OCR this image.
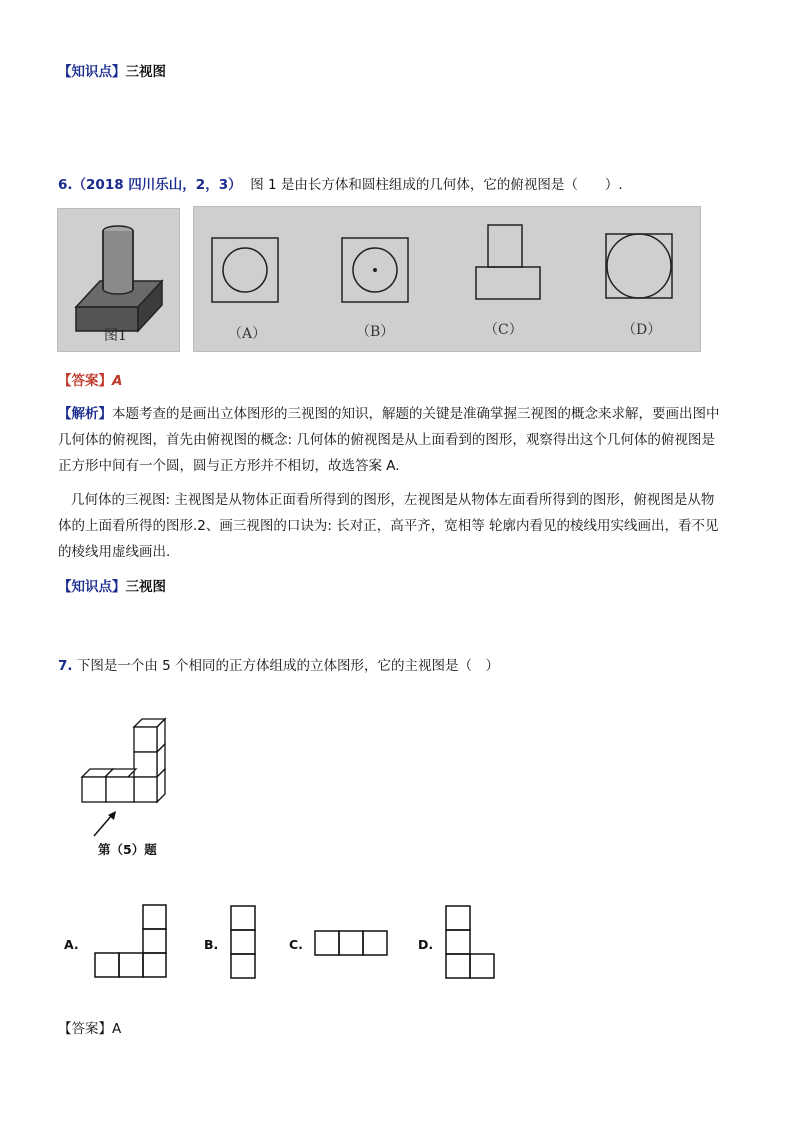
【知识点】三视图
6.（2018 四川乐山，2，3） 图 1 是由长方体和圆柱组成的几何体，它的俯视图是（　　）.
图1	（A）	（B）	（C）	（D）
【答案】A
【解析】本题考查的是画出立体图形的三视图的知识，解题的关键是准确掌握三视图的概念来求解，要画出图中
几何体的俯视图，首先由俯视图的概念: 几何体的俯视图是从上面看到的图形，观察得出这个几何体的俯视图是
正方形中间有一个圆，圆与正方形并不相切，故选答案 A.
几何体的三视图: 主视图是从物体正面看所得到的图形，左视图是从物体左面看所得到的图形，俯视图是从物
体的上面看所得的图形.2、画三视图的口诀为: 长对正，高平齐，宽相等 轮廓内看见的棱线用实线画出，看不见
的棱线用虚线画出.
【知识点】三视图
7. 下图是一个由 5 个相同的正方体组成的立体图形，它的主视图是（　）
第（5）题
A.	B.	C.	D.
【答案】A
